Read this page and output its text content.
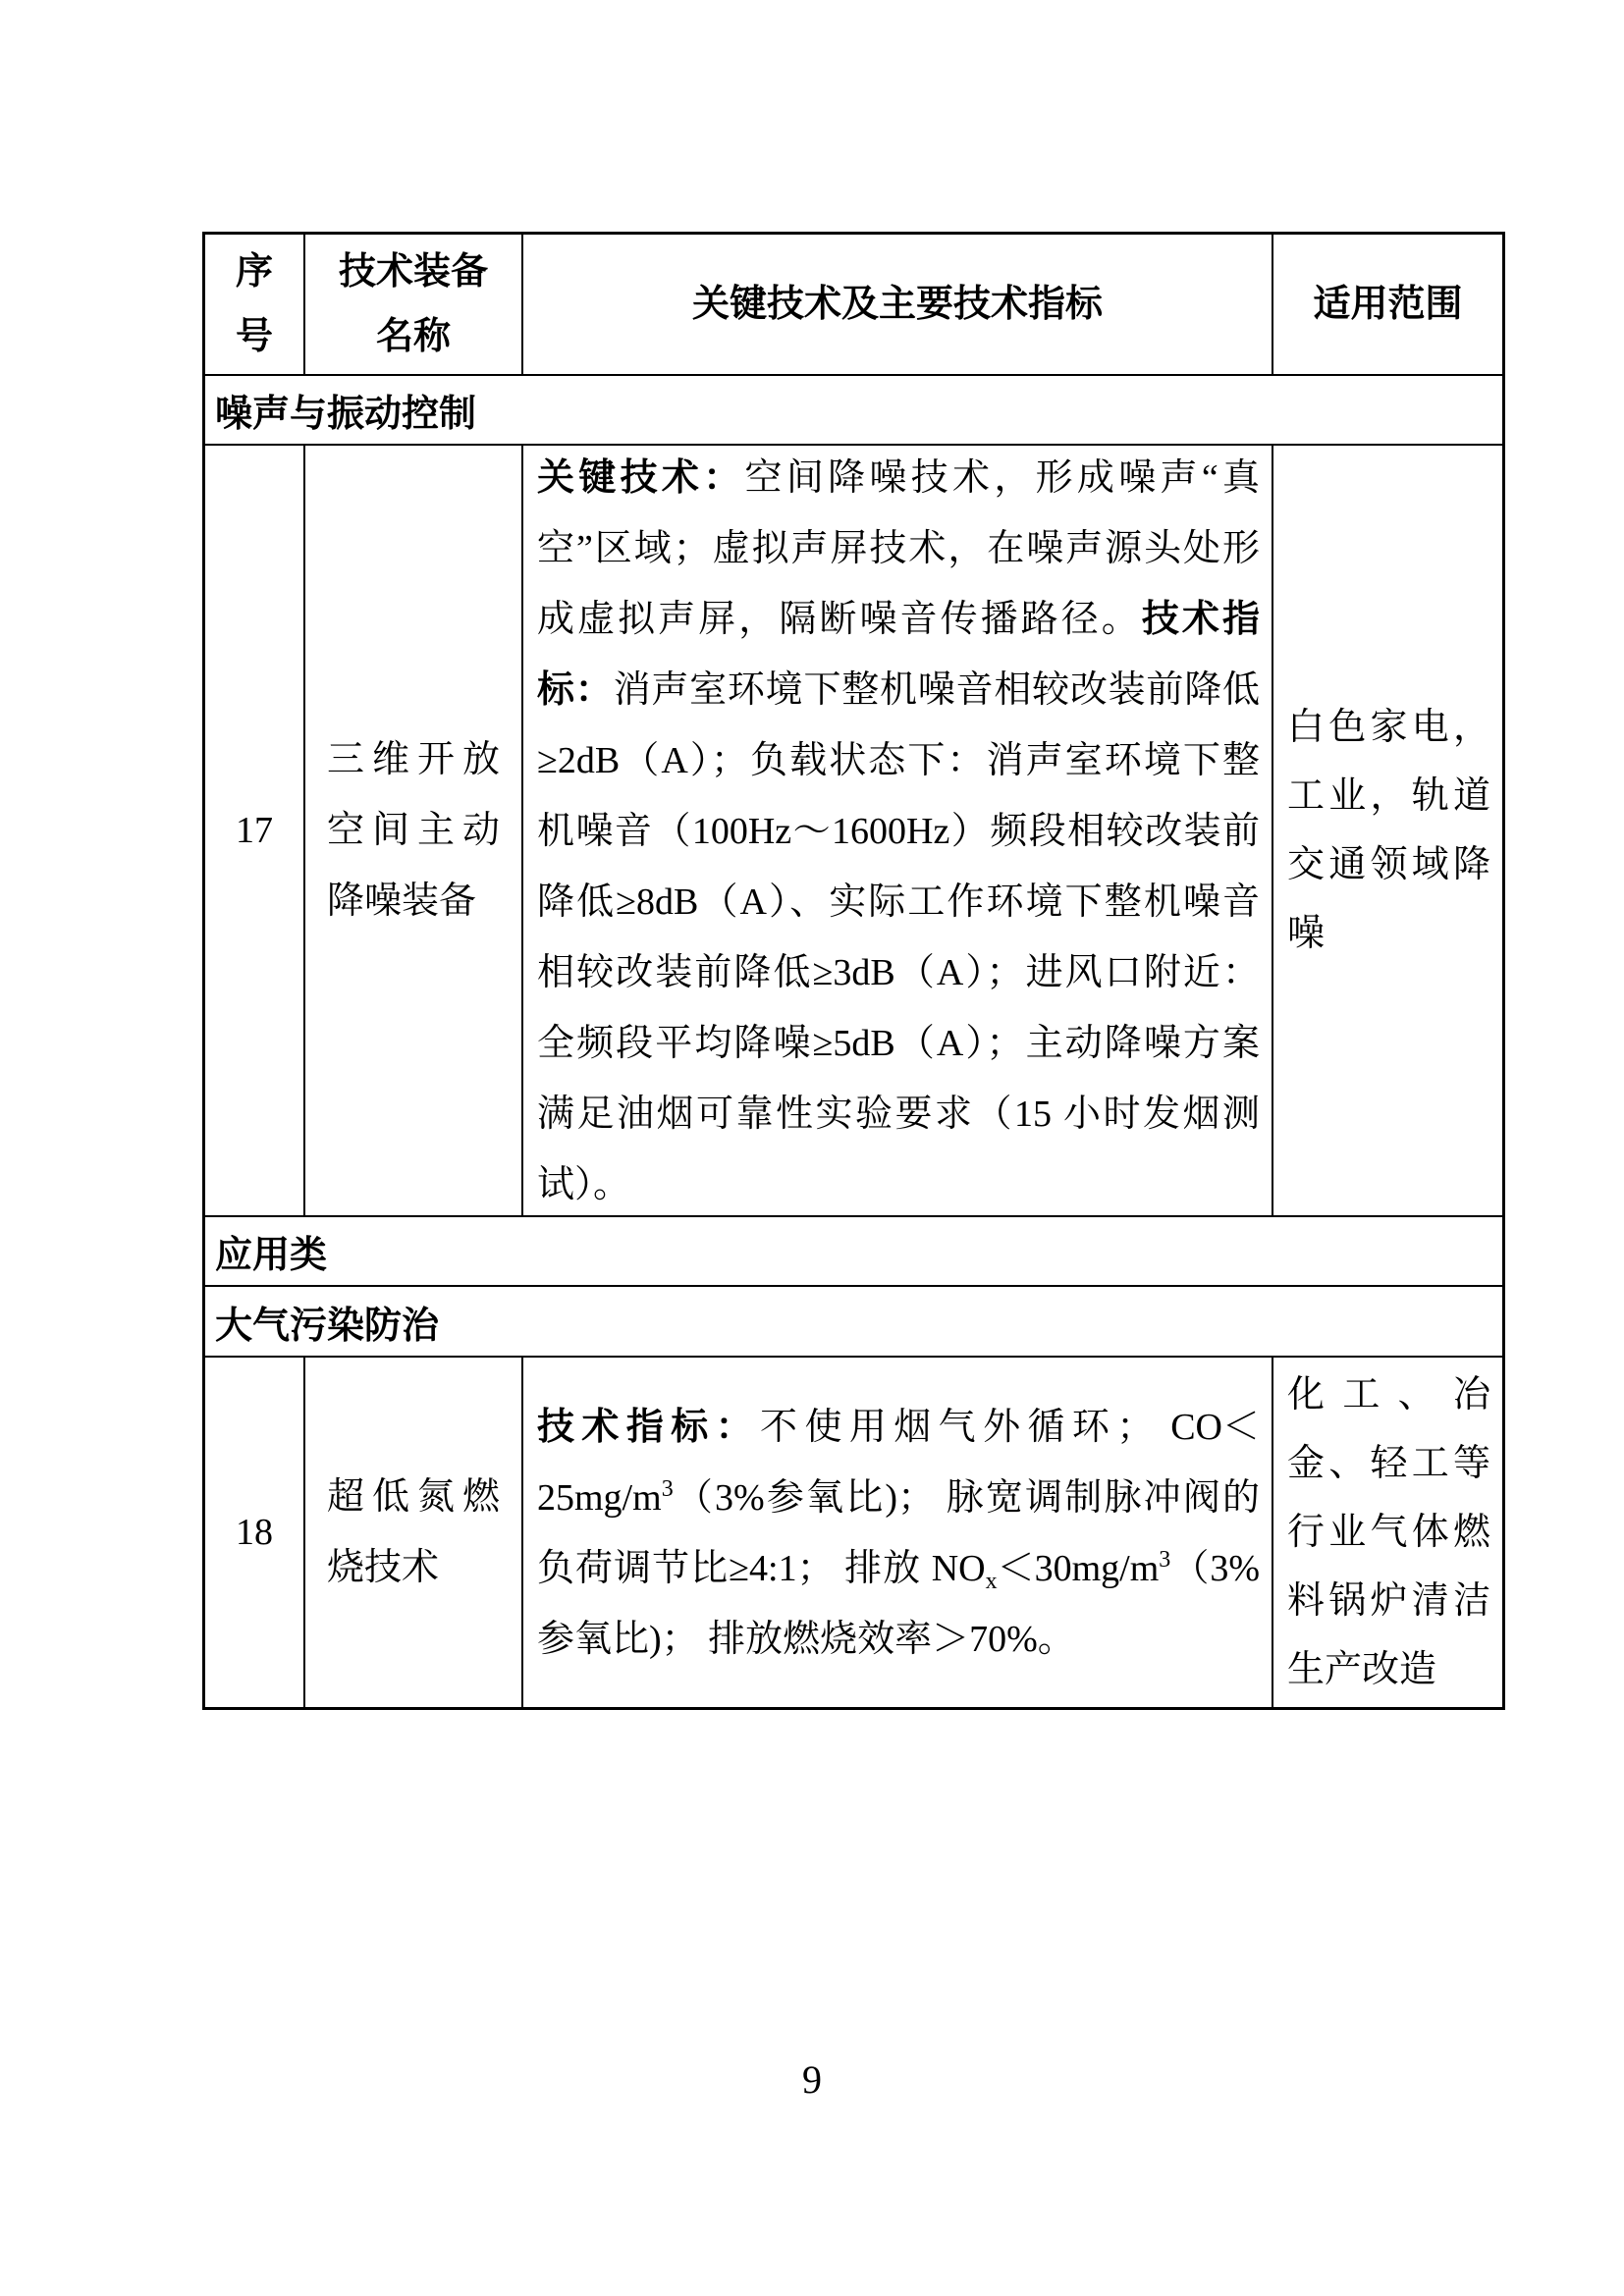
序
号
技术装备
名称
关键技术及主要技术指标	适用范围
噪声与振动控制
17
三维开放空间主动降噪装备
关键技术：空间降噪技术，形成噪声“真空”区域；虚拟声屏技术，在噪声源头处形成虚拟声屏，隔断噪音传播路径。技术指标：消声室环境下整机噪音相较改装前降低≥2dB（A）；负载状态下：消声室环境下整机噪音（100Hz～1600Hz）频段相较改装前降低≥8dB（A）、实际工作环境下整机噪音相较改装前降低≥3dB（A）；进风口附近：全频段平均降噪≥5dB（A）；主动降噪方案满足油烟可靠性实验要求（15 小时发烟测试）。
白色家电，工业，轨道交通领域降噪
应用类
大气污染防治
18
超低氮燃烧技术
技术指标：不使用烟气外循环； $CO<25mg/m^3(3\%$参氧比)； 脉宽调制脉冲阀的负荷调节比≥4:1； 排放 $NO_x<30mg/m^3(3\%$参氧比)； 排放燃烧效率＞70%。
化工、冶金、轻工等行业气体燃料锅炉清洁生产改造
9
